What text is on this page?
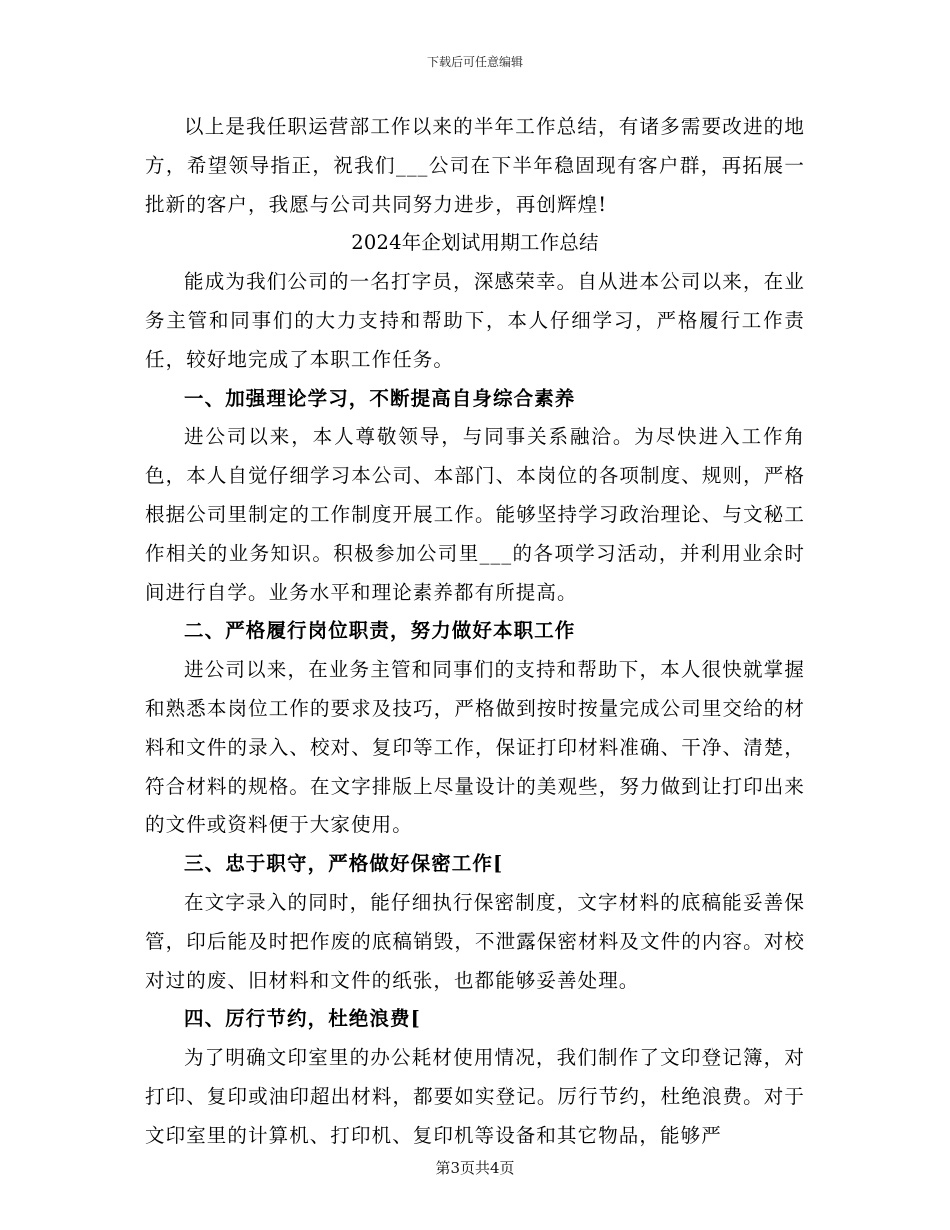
下载后可任意编辑

以上是我任职运营部工作以来的半年工作总结，有诸多需要改进的地方，希望领导指正，祝我们___公司在下半年稳固现有客户群，再拓展一批新的客户，我愿与公司共同努力进步，再创辉煌!

2024年企划试用期工作总结

能成为我们公司的一名打字员，深感荣幸。自从进本公司以来，在业务主管和同事们的大力支持和帮助下，本人仔细学习，严格履行工作责任，较好地完成了本职工作任务。

一、加强理论学习，不断提高自身综合素养

进公司以来，本人尊敬领导，与同事关系融洽。为尽快进入工作角色，本人自觉仔细学习本公司、本部门、本岗位的各项制度、规则，严格根据公司里制定的工作制度开展工作。能够坚持学习政治理论、与文秘工作相关的业务知识。积极参加公司里___的各项学习活动，并利用业余时间进行自学。业务水平和理论素养都有所提高。

二、严格履行岗位职责，努力做好本职工作

进公司以来，在业务主管和同事们的支持和帮助下，本人很快就掌握和熟悉本岗位工作的要求及技巧，严格做到按时按量完成公司里交给的材料和文件的录入、校对、复印等工作，保证打印材料准确、干净、清楚，符合材料的规格。在文字排版上尽量设计的美观些，努力做到让打印出来的文件或资料便于大家使用。

三、忠于职守，严格做好保密工作[

在文字录入的同时，能仔细执行保密制度，文字材料的底稿能妥善保管，印后能及时把作废的底稿销毁，不泄露保密材料及文件的内容。对校对过的废、旧材料和文件的纸张，也都能够妥善处理。

四、厉行节约，杜绝浪费[

为了明确文印室里的办公耗材使用情况，我们制作了文印登记簿，对打印、复印或油印超出材料，都要如实登记。厉行节约，杜绝浪费。对于文印室里的计算机、打印机、复印机等设备和其它物品，能够严

第3页共4页
